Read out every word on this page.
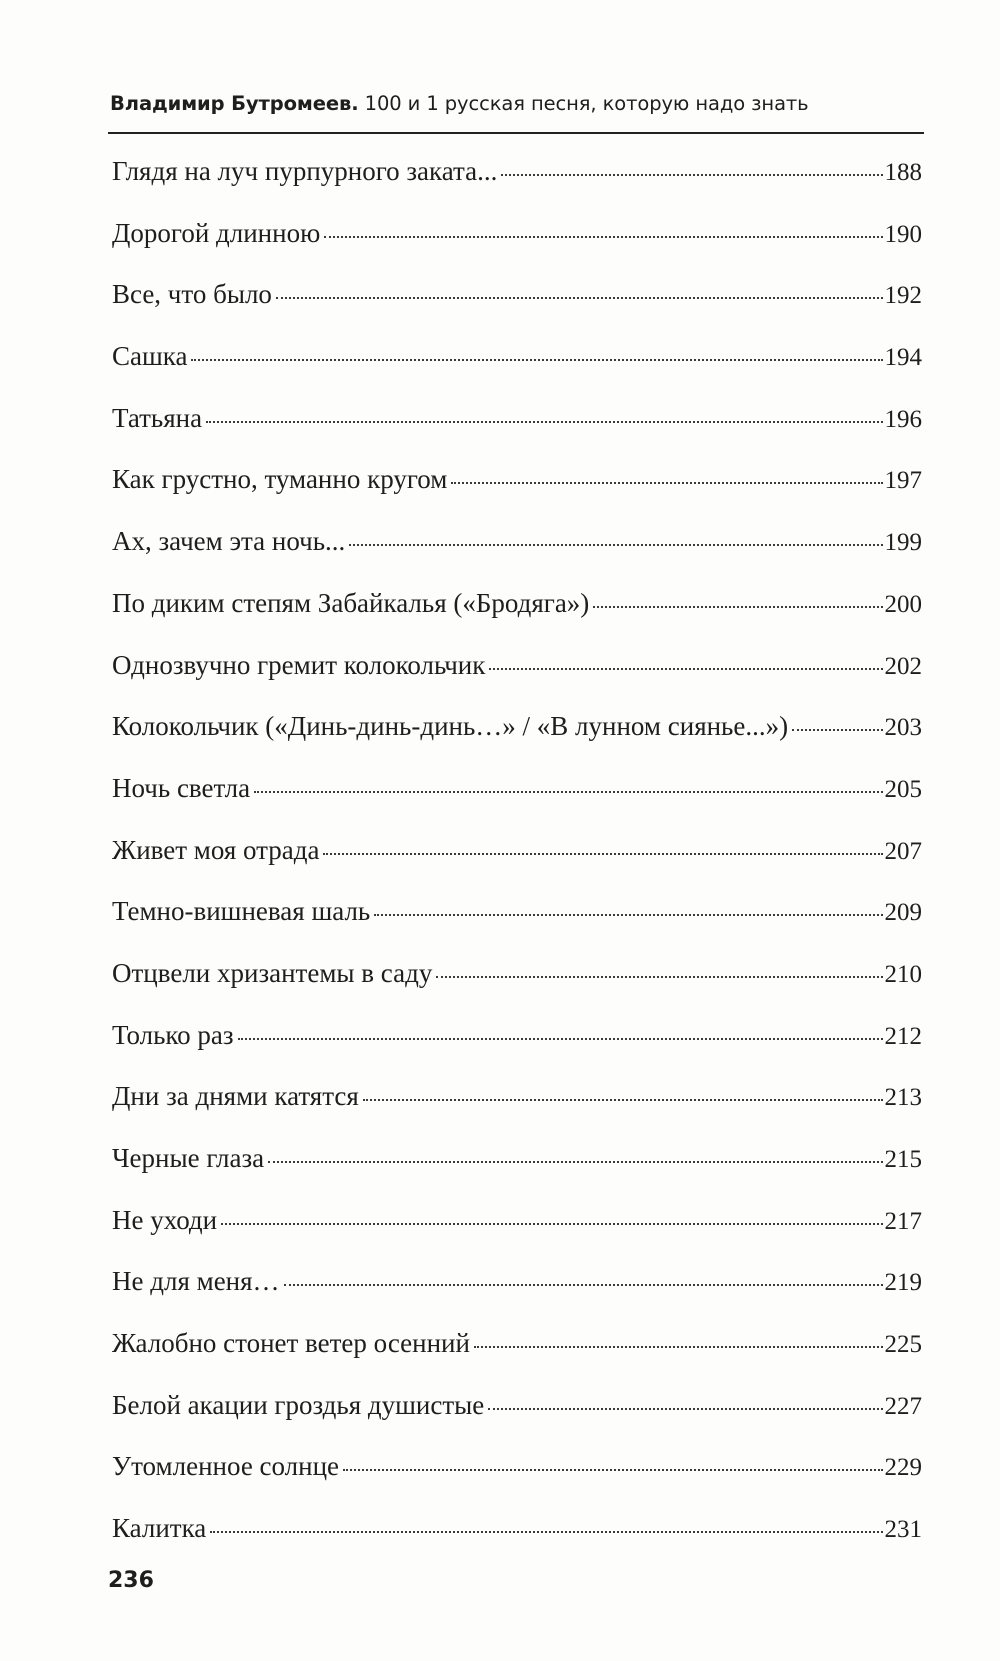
Владимир Бутромеев. 100 и 1 русская песня, которую надо знать
Глядя на луч пурпурного заката...	188
Дорогой длинною	190
Все, что было	192
Сашка	194
Татьяна	196
Как грустно, туманно кругом	197
Ах, зачем эта ночь...	199
По диким степям Забайкалья («Бродяга»)	200
Однозвучно гремит колокольчик	202
Колокольчик («Динь-динь-динь…» / «В лунном сиянье...»)	203
Ночь светла	205
Живет моя отрада	207
Темно-вишневая шаль	209
Отцвели хризантемы в саду	210
Только раз	212
Дни за днями катятся	213
Черные глаза	215
Не уходи	217
Не для меня…	219
Жалобно стонет ветер осенний	225
Белой акации гроздья душистые	227
Утомленное солнце	229
Калитка	231
236
